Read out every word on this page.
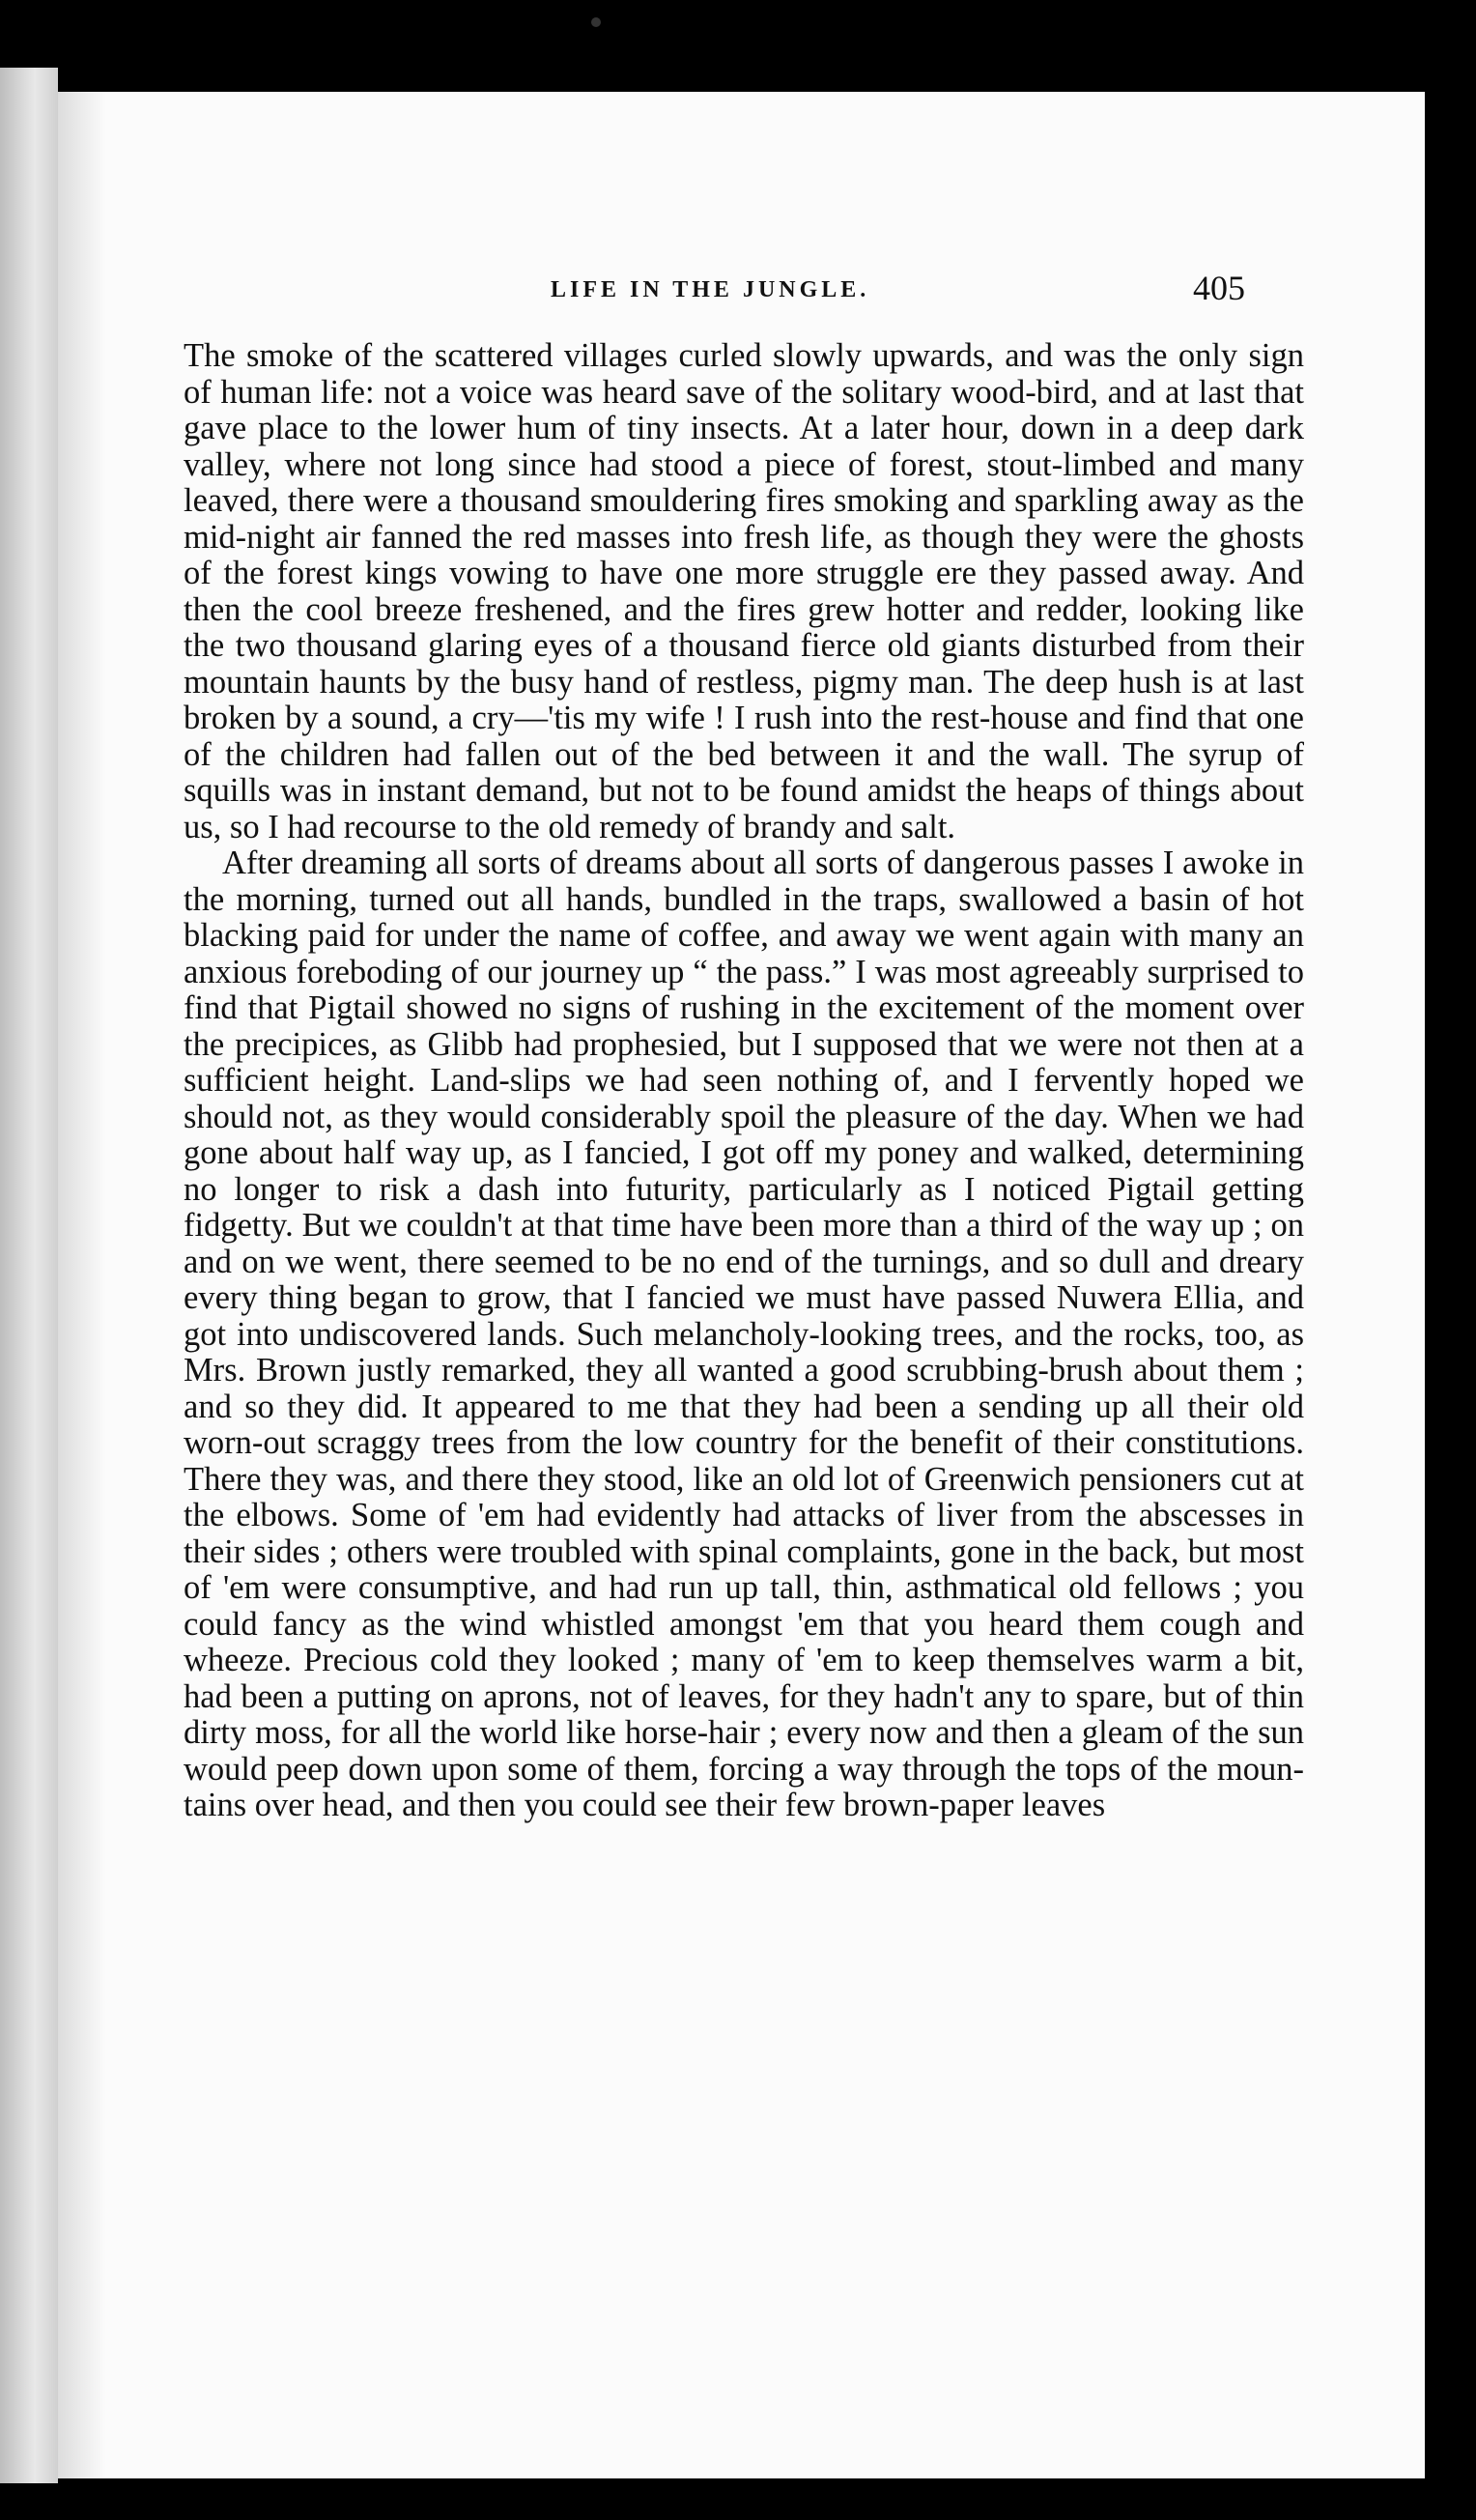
LIFE IN THE JUNGLE.	405

The smoke of the scattered villages curled slowly upwards, and was the only sign of human life: not a voice was heard save of the solitary wood-bird, and at last that gave place to the lower hum of tiny insects. At a later hour, down in a deep dark valley, where not long since had stood a piece of forest, stout-limbed and many leaved, there were a thousand smouldering fires smoking and sparkling away as the mid-night air fanned the red masses into fresh life, as though they were the ghosts of the forest kings vowing to have one more struggle ere they passed away. And then the cool breeze freshened, and the fires grew hotter and redder, looking like the two thousand glaring eyes of a thousand fierce old giants disturbed from their mountain haunts by the busy hand of restless, pigmy man. The deep hush is at last broken by a sound, a cry—'tis my wife ! I rush into the rest-house and find that one of the children had fallen out of the bed between it and the wall. The syrup of squills was in instant demand, but not to be found amidst the heaps of things about us, so I had recourse to the old remedy of brandy and salt.

After dreaming all sorts of dreams about all sorts of dangerous passes I awoke in the morning, turned out all hands, bundled in the traps, swallowed a basin of hot blacking paid for under the name of coffee, and away we went again with many an anxious foreboding of our journey up “ the pass.” I was most agreeably surprised to find that Pigtail showed no signs of rushing in the excitement of the moment over the precipices, as Glibb had prophesied, but I supposed that we were not then at a sufficient height. Land-slips we had seen nothing of, and I fervently hoped we should not, as they would considerably spoil the pleasure of the day. When we had gone about half way up, as I fancied, I got off my poney and walked, determining no longer to risk a dash into futurity, particularly as I noticed Pigtail getting fidgetty. But we couldn't at that time have been more than a third of the way up ; on and on we went, there seemed to be no end of the turnings, and so dull and dreary every thing began to grow, that I fancied we must have passed Nuwera Ellia, and got into undiscovered lands. Such melancholy-looking trees, and the rocks, too, as Mrs. Brown justly remarked, they all wanted a good scrubbing-brush about them ; and so they did. It appeared to me that they had been a sending up all their old worn-out scraggy trees from the low country for the benefit of their constitutions. There they was, and there they stood, like an old lot of Greenwich pensioners cut at the elbows. Some of 'em had evidently had attacks of liver from the abscesses in their sides ; others were troubled with spinal complaints, gone in the back, but most of 'em were consumptive, and had run up tall, thin, asthmatical old fellows ; you could fancy as the wind whistled amongst 'em that you heard them cough and wheeze. Precious cold they looked ; many of 'em to keep themselves warm a bit, had been a putting on aprons, not of leaves, for they hadn't any to spare, but of thin dirty moss, for all the world like horse-hair ; every now and then a gleam of the sun would peep down upon some of them, forcing a way through the tops of the moun-tains over head, and then you could see their few brown-paper leaves
